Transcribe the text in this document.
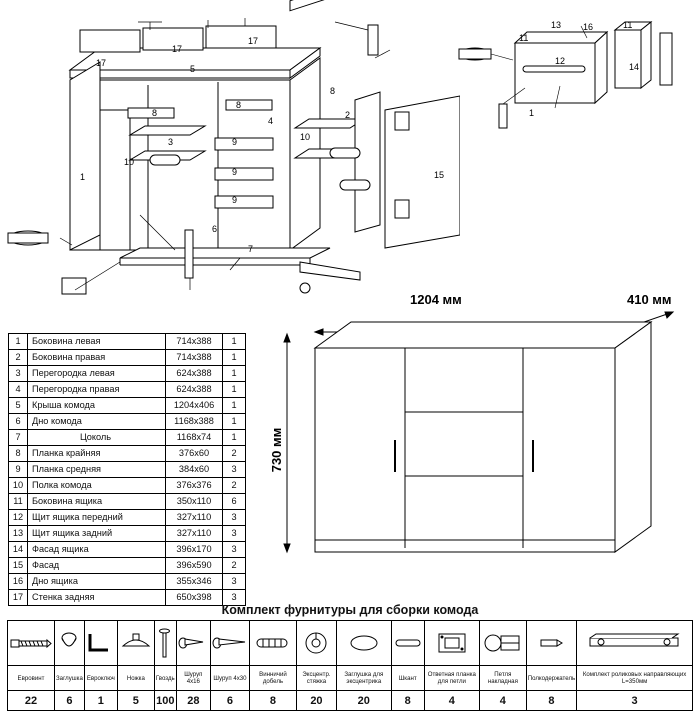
17
17
17
5
1
10
8
3
8
4
9
9
9
10
8
2
15
6
7
11
13 16
12
11
14
1
1	Боковина левая	714x388	1
2	Боковина правая	714x388	1
3	Перегородка левая	624x388	1
4	Перегородка правая	624x388	1
5	Крыша комода	1204x406	1
6	Дно комода	1168x388	1
7	Цоколь	1168x74	1
8	Планка крайняя	376x60	2
9	Планка средняя	384x60	3
10	Полка комода	376x376	2
11	Боковина ящика	350x110	6
12	Щит ящика передний	327x110	3
13	Щит ящика задний	327x110	3
14	Фасад ящика	396x170	3
15	Фасад	396x590	2
16	Дно ящика	355x346	3
17	Стенка задняя	650x398	3
1204 мм	410 мм
730 мм
Комплект фурнитуры для сборки комода

Евровинт	Заглушка	Евроключ	Ножка	Гвоздь	Шуруп 4х16	Шуруп 4х30	Винничий добель	Эксцентр. стяжка	Заглушка для эксцентрика	Шкант	Ответная планка для петли	Петля накладная	Полкодержатель	Комплект роликовых направляющих L=350мм
22	6	1	5	100	28	6	8	20	20	8	4	4	8	3
